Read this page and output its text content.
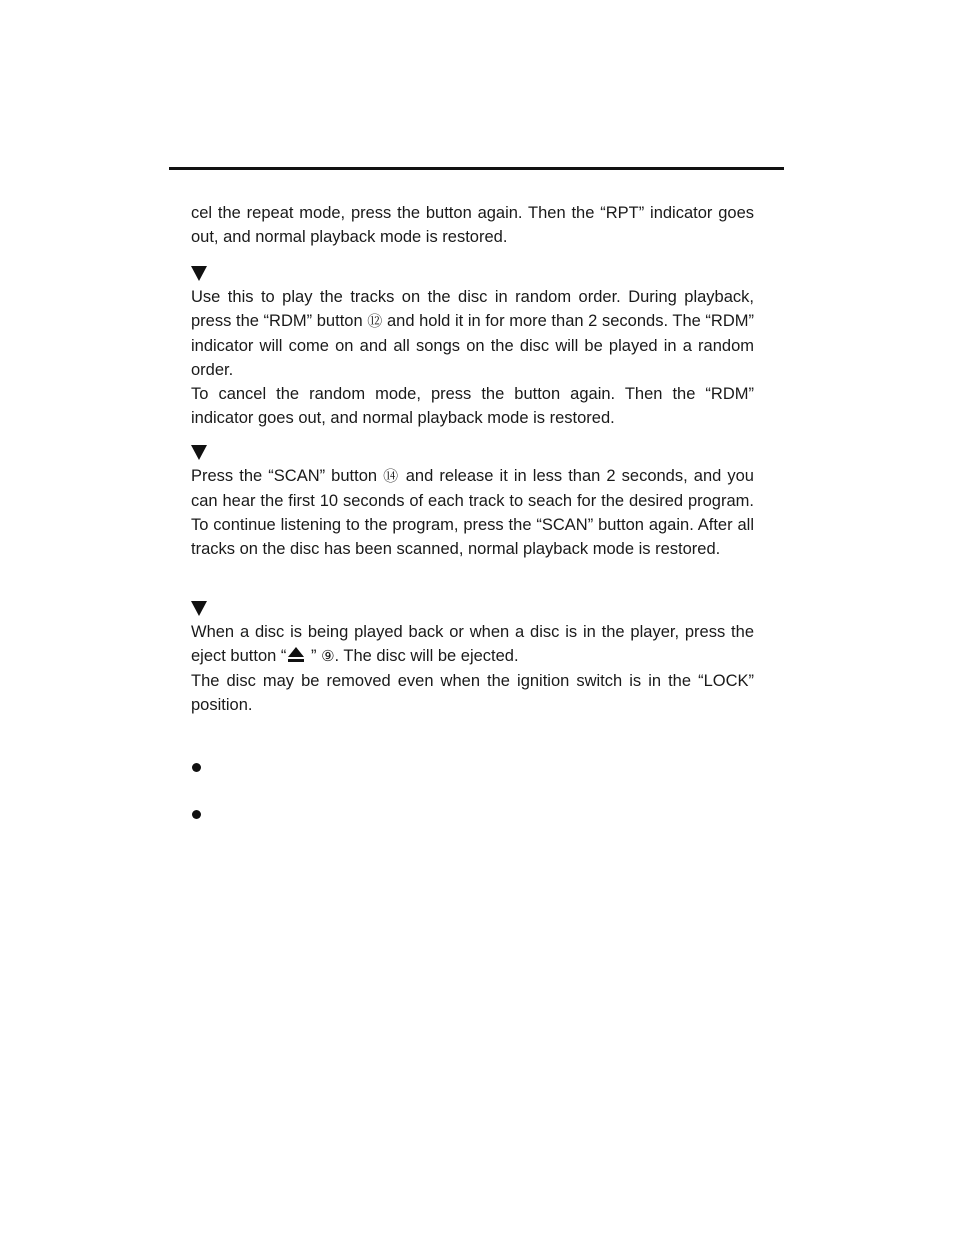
cel the repeat mode, press the button again. Then the “RPT” indicator goes out, and normal playback mode is restored.
Use this to play the tracks on the disc in random order. During playback, press the “RDM” button ⑫ and hold it in for more than 2 seconds. The “RDM” indicator will come on and all songs on the disc will be played in a random order.
To cancel the random mode, press the button again. Then the “RDM” indicator goes out, and normal playback mode is restored.
Press the “SCAN” button ⑭ and release it in less than 2 seconds, and you can hear the first 10 seconds of each track to seach for the desired program. To continue listening to the program, press the “SCAN” button again. After all tracks on the disc has been scanned, normal playback mode is restored.
When a disc is being played back or when a disc is in the player, press the eject button “
” ⑨. The disc will be ejected.
The disc may be removed even when the ignition switch is in the “LOCK” position.
